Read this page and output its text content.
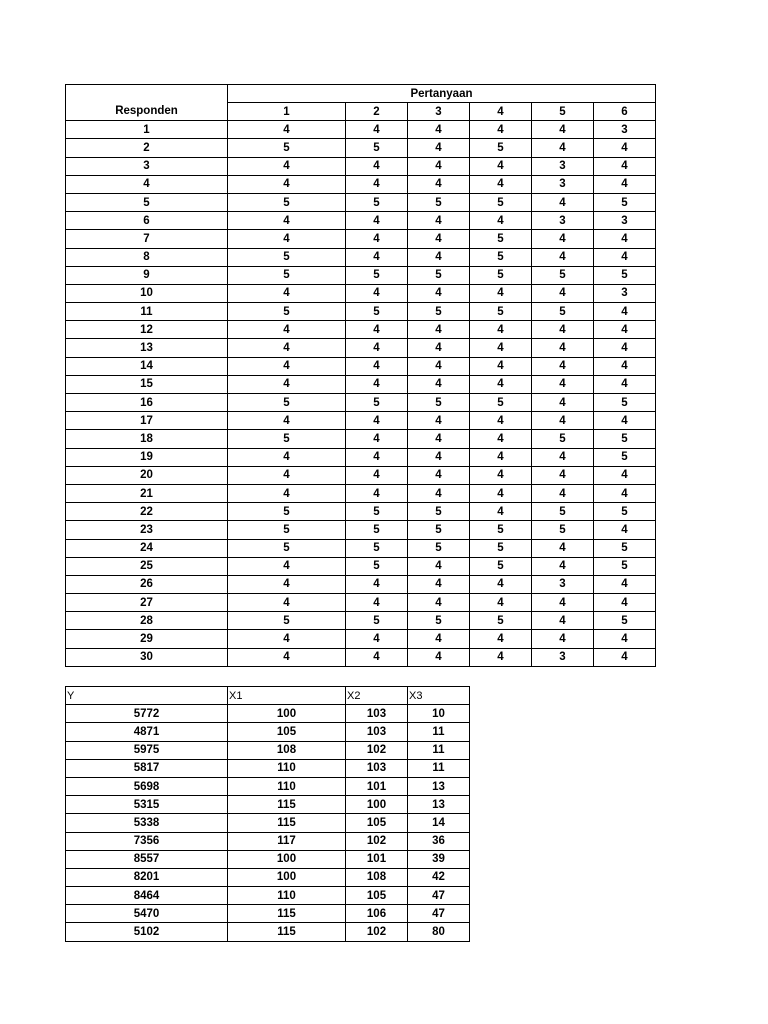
	Pertanyaan					
Responden	1	2	3	4	5	6
1	4	4	4	4	4	3
2	5	5	4	5	4	4
3	4	4	4	4	3	4
4	4	4	4	4	3	4
5	5	5	5	5	4	5
6	4	4	4	4	3	3
7	4	4	4	5	4	4
8	5	4	4	5	4	4
9	5	5	5	5	5	5
10	4	4	4	4	4	3
11	5	5	5	5	5	4
12	4	4	4	4	4	4
13	4	4	4	4	4	4
14	4	4	4	4	4	4
15	4	4	4	4	4	4
16	5	5	5	5	4	5
17	4	4	4	4	4	4
18	5	4	4	4	5	5
19	4	4	4	4	4	5
20	4	4	4	4	4	4
21	4	4	4	4	4	4
22	5	5	5	4	5	5
23	5	5	5	5	5	4
24	5	5	5	5	4	5
25	4	5	4	5	4	5
26	4	4	4	4	3	4
27	4	4	4	4	4	4
28	5	5	5	5	4	5
29	4	4	4	4	4	4
30	4	4	4	4	3	4
Y	X1	X2	X3
5772	100	103	10
4871	105	103	11
5975	108	102	11
5817	110	103	11
5698	110	101	13
5315	115	100	13
5338	115	105	14
7356	117	102	36
8557	100	101	39
8201	100	108	42
8464	110	105	47
5470	115	106	47
5102	115	102	80
